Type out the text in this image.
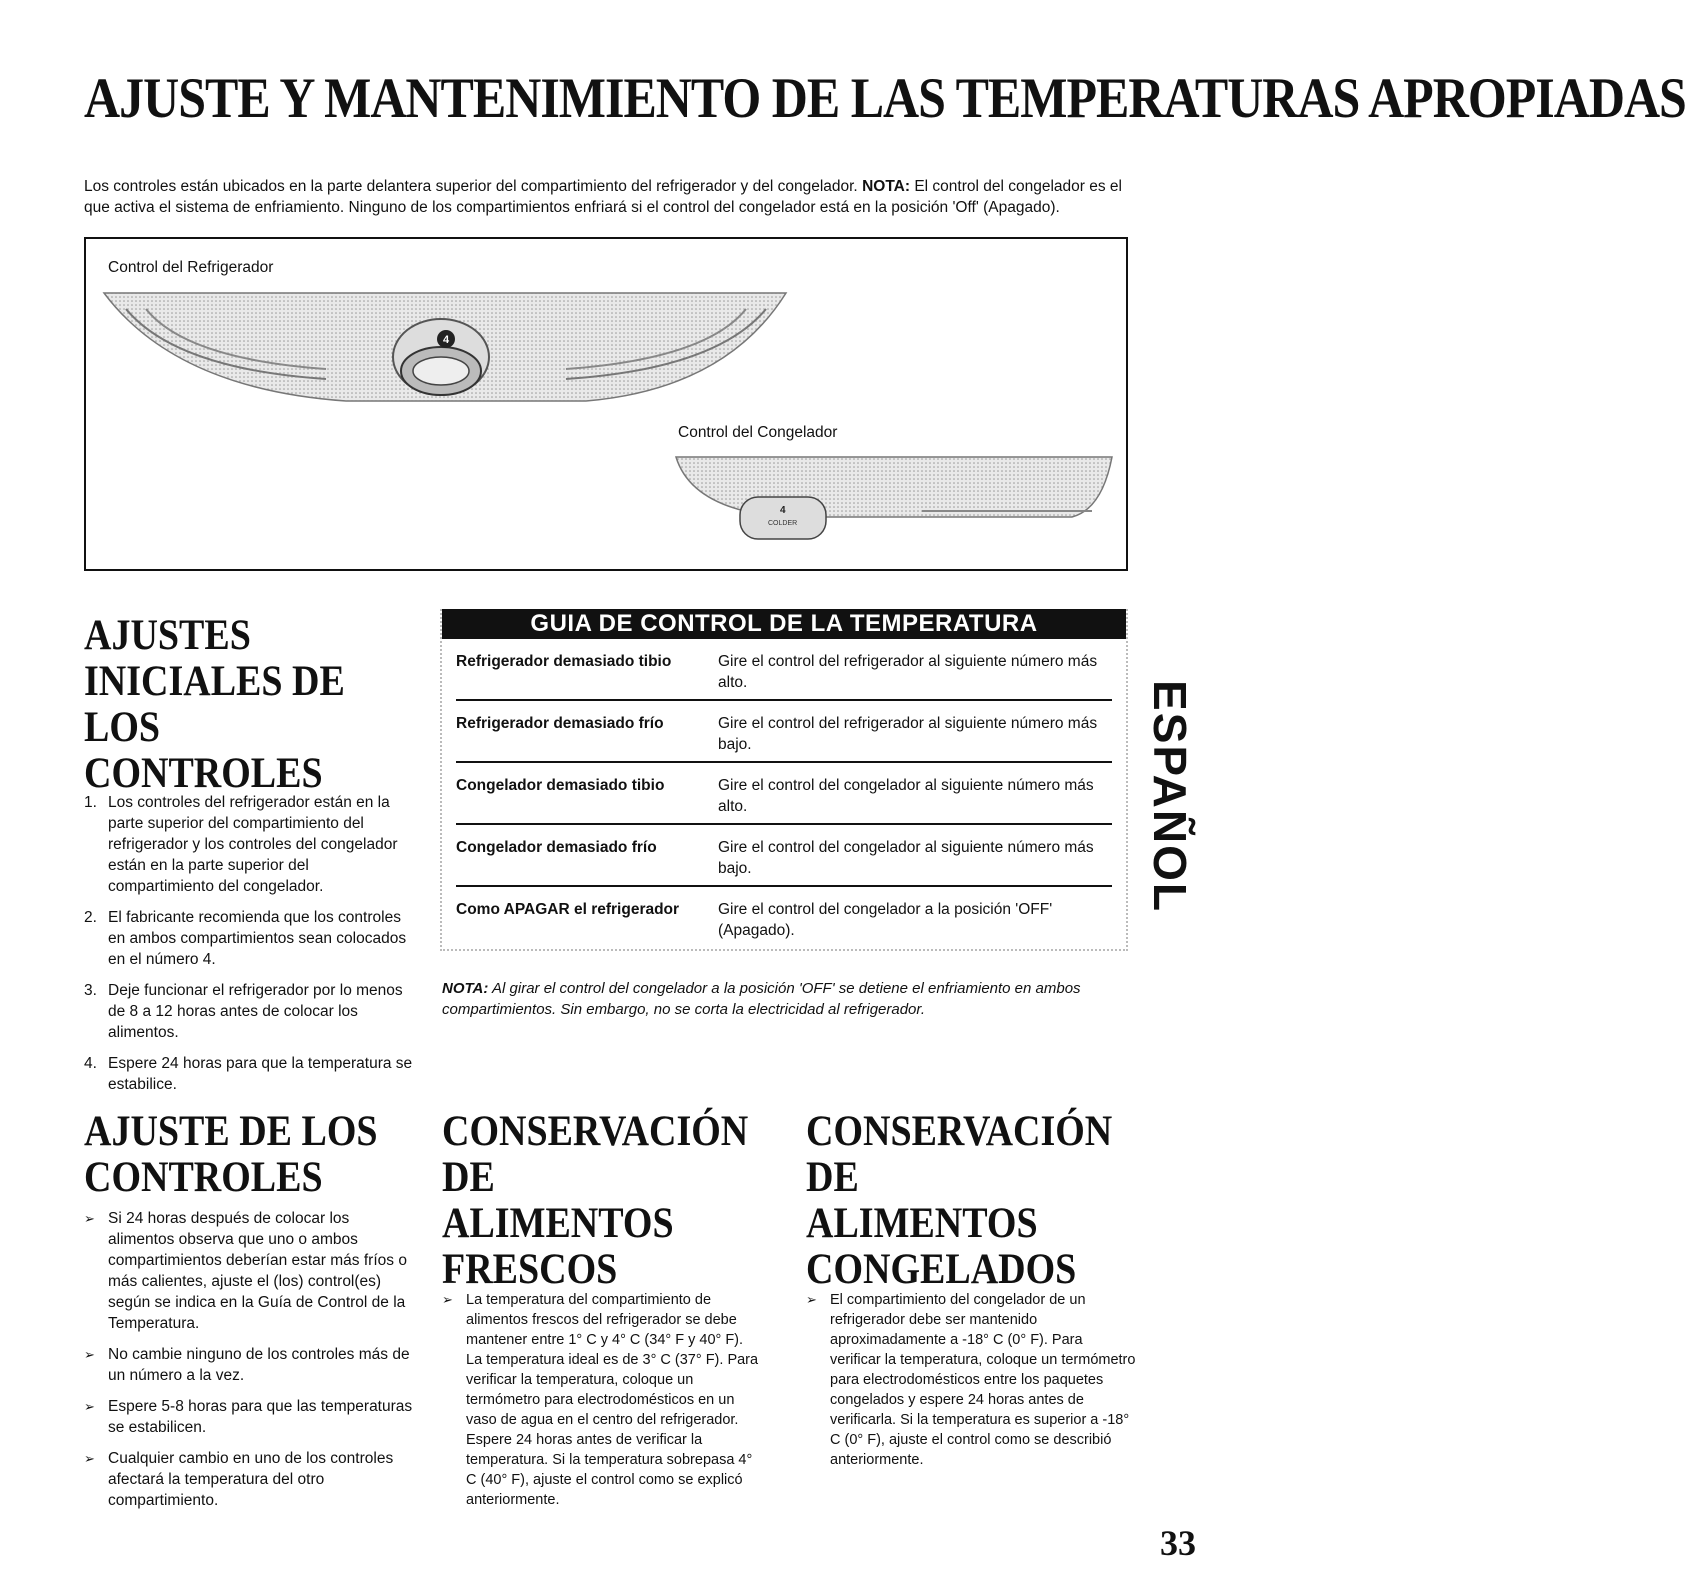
AJUSTE Y MANTENIMIENTO DE LAS TEMPERATURAS APROPIADAS
Los controles están ubicados en la parte delantera superior del compartimiento del refrigerador y del congelador. NOTA: El control del congelador es el que activa el sistema de enfriamiento. Ninguno de los compartimientos enfriará si el control del congelador está en la posición 'Off' (Apagado).
Control del Refrigerador
4
Control del Congelador
4
COLDER
AJUSTES INICIALES DE LOS
CONTROLES
1. Los controles del refrigerador están en la parte superior del compartimiento del refrigerador y los controles del congelador están en la parte superior del compartimiento del congelador.
2. El fabricante recomienda que los controles en ambos compartimientos sean colocados en el número 4.
3. Deje funcionar el refrigerador por lo menos de 8 a 12 horas antes de colocar los alimentos.
4. Espere 24 horas para que la temperatura se estabilice.
GUIA DE CONTROL DE LA TEMPERATURA
Refrigerador demasiado tibio	Gire el control del refrigerador al siguiente número más alto.
Refrigerador demasiado frío	Gire el control del refrigerador al siguiente número más bajo.
Congelador demasiado tibio	Gire el control del congelador al siguiente número más alto.
Congelador demasiado frío	Gire el control del congelador al siguiente número más bajo.
Como APAGAR el refrigerador	Gire el control del congelador a la posición 'OFF' (Apagado).
NOTA: Al girar el control del congelador a la posición 'OFF' se detiene el enfriamiento en ambos compartimientos. Sin embargo, no se corta la electricidad al refrigerador.
ESPAÑOL
AJUSTE DE LOS CONTROLES
➢ Si 24 horas después de colocar los alimentos observa que uno o ambos compartimientos deberían estar más fríos o más calientes, ajuste el (los) control(es) según se indica en la Guía de Control de la Temperatura.
➢ No cambie ninguno de los controles más de un número a la vez.
➢ Espere 5-8 horas para que las temperaturas se estabilicen.
➢ Cualquier cambio en uno de los controles afectará la temperatura del otro compartimiento.
CONSERVACIÓN DE
ALIMENTOS FRESCOS
➢ La temperatura del compartimiento de alimentos frescos del refrigerador se debe mantener entre 1° C y 4° C (34° F y 40° F). La temperatura ideal es de 3° C (37° F). Para verificar la temperatura, coloque un termómetro para electrodomésticos en un vaso de agua en el centro del refrigerador. Espere 24 horas antes de verificar la temperatura. Si la temperatura sobrepasa 4° C (40° F), ajuste el control como se explicó anteriormente.
CONSERVACIÓN DE
ALIMENTOS CONGELADOS
➢ El compartimiento del congelador de un refrigerador debe ser mantenido aproximadamente a -18° C (0° F). Para verificar la temperatura, coloque un termómetro para electrodomésticos entre los paquetes congelados y espere 24 horas antes de verificarla. Si la temperatura es superior a -18° C (0° F), ajuste el control como se describió anteriormente.
33
